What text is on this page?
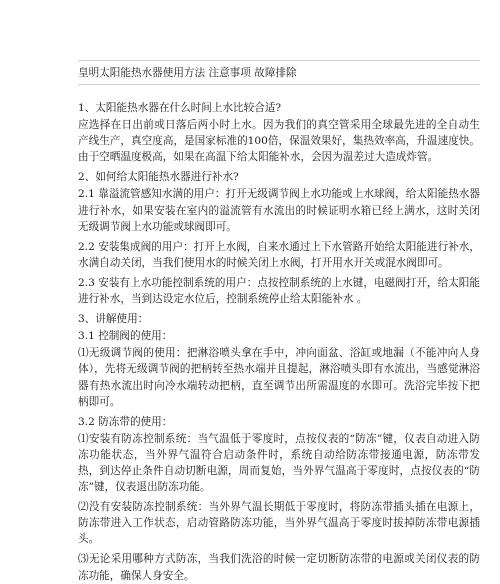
皇明太阳能热水器使用方法 注意事项 故障排除

1、太阳能热水器在什么时间上水比较合适?

应选择在日出前或日落后两小时上水。因为我们的真空管采用全球最先进的全自动生产线生产，真空度高，是国家标准的100倍，保温效果好，集热效率高，升温速度快。由于空晒温度极高，如果在高温下给太阳能补水，会因为温差过大造成炸管。

2、如何给太阳能热水器进行补水?

2.1 靠溢流管感知水满的用户：打开无级调节阀上水功能或上水球阀，给太阳能热水器进行补水，如果安装在室内的溢流管有水流出的时候证明水箱已经上满水，这时关闭无级调节阀上水功能或球阀即可。

2.2 安装集成阀的用户：打开上水阀，自来水通过上下水管路开始给太阳能进行补水，水满自动关闭，当我们使用水的时候关闭上水阀，打开用水开关或混水阀即可。

2.3 安装有上水功能控制系统的用户：点按控制系统的上水键，电磁阀打开，给太阳能进行补水，当到达设定水位后，控制系统停止给太阳能补水 。

3、讲解使用：

3.1 控制阀的使用：

⑴无级调节阀的使用：把淋浴喷头拿在手中，冲向面盆、浴缸或地漏（不能冲向人身体），先将无级调节阀的把柄转至热水端并且提起，淋浴喷头即有水流出，当感觉淋浴器有热水流出时向冷水端转动把柄，直至调节出所需温度的水即可。洗浴完毕按下把柄即可。

3.2 防冻带的使用：

⑴安装有防冻控制系统：当气温低于零度时，点按仪表的“防冻”键，仪表自动进入防冻功能状态，当外界气温符合启动条件时，系统自动给防冻带接通电源，防冻带发热，到达停止条件自动切断电源，周而复始，当外界气温高于零度时，点按仪表的“防冻”键，仪表退出防冻功能。

⑵没有安装防冻控制系统：当外界气温长期低于零度时，将防冻带插头插在电源上，防冻带进入工作状态，启动管路防冻功能，当外界气温高于零度时拔掉防冻带电源插头。

⑶无论采用哪种方式防冻，当我们洗浴的时候一定切断防冻带的电源或关闭仪表的防冻功能，确保人身安全。
